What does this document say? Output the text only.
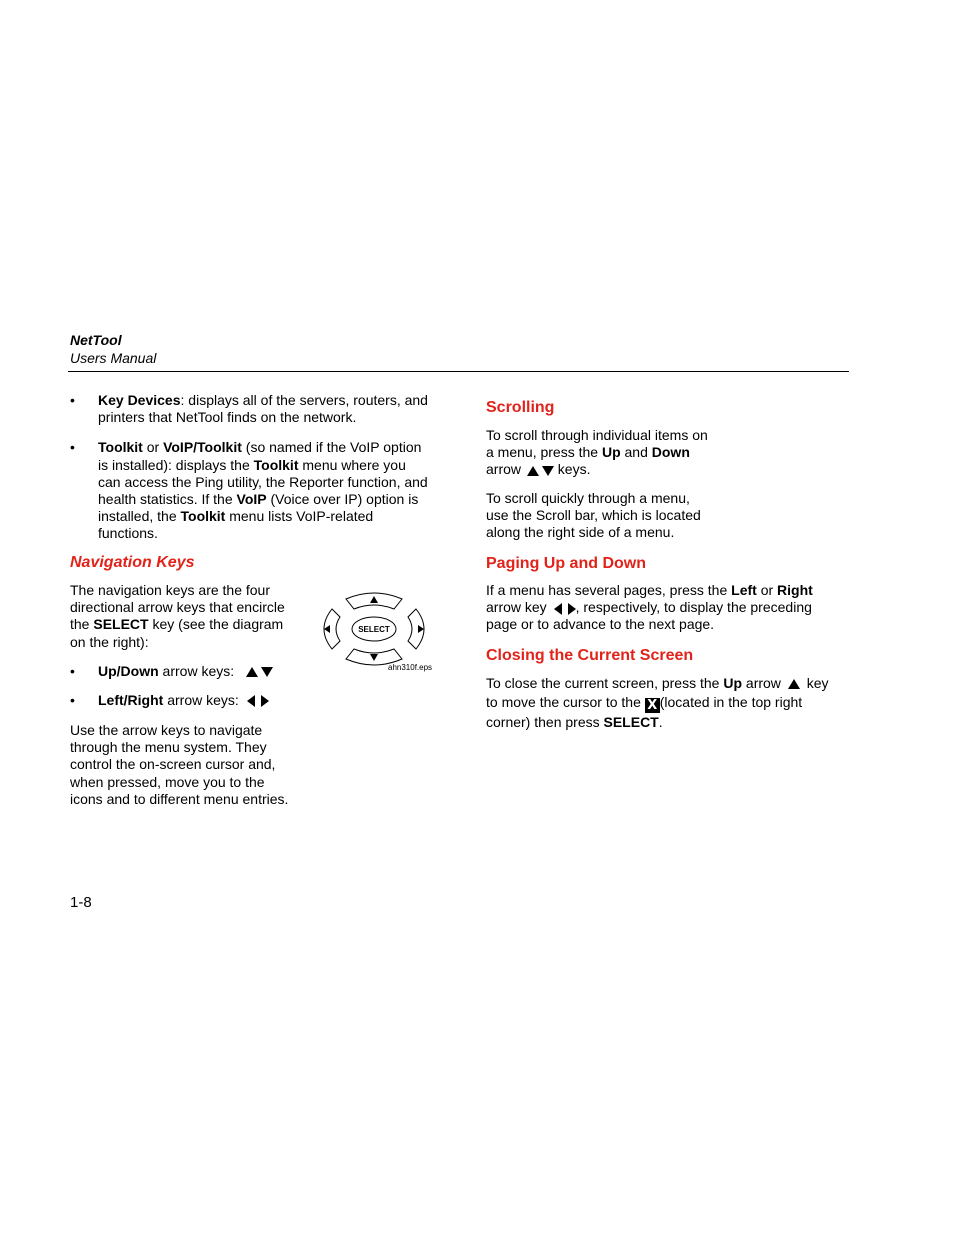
NetTool
Users Manual
• Key Devices: displays all of the servers, routers, and printers that NetTool finds on the network.
• Toolkit or VoIP/Toolkit (so named if the VoIP option is installed): displays the Toolkit menu where you can access the Ping utility, the Reporter function, and health statistics. If the VoIP (Voice over IP) option is installed, the Toolkit menu lists VoIP-related functions.
Navigation Keys
The navigation keys are the four directional arrow keys that encircle the SELECT key (see the diagram on the right):
• Up/Down arrow keys:
• Left/Right arrow keys:
Use the arrow keys to navigate through the menu system. They control the on-screen cursor and, when pressed, move you to the icons and to different menu entries.
SELECT
ahn310f.eps
Scrolling
To scroll through individual items on a menu, press the Up and Down arrow  keys.
To scroll quickly through a menu, use the Scroll bar, which is located along the right side of a menu.
Paging Up and Down
If a menu has several pages, press the Left or Right arrow key , respectively, to display the preceding page or to advance to the next page.
Closing the Current Screen
To close the current screen, press the Up arrow  key to move the cursor to the X (located in the top right corner) then press SELECT.
1-8
